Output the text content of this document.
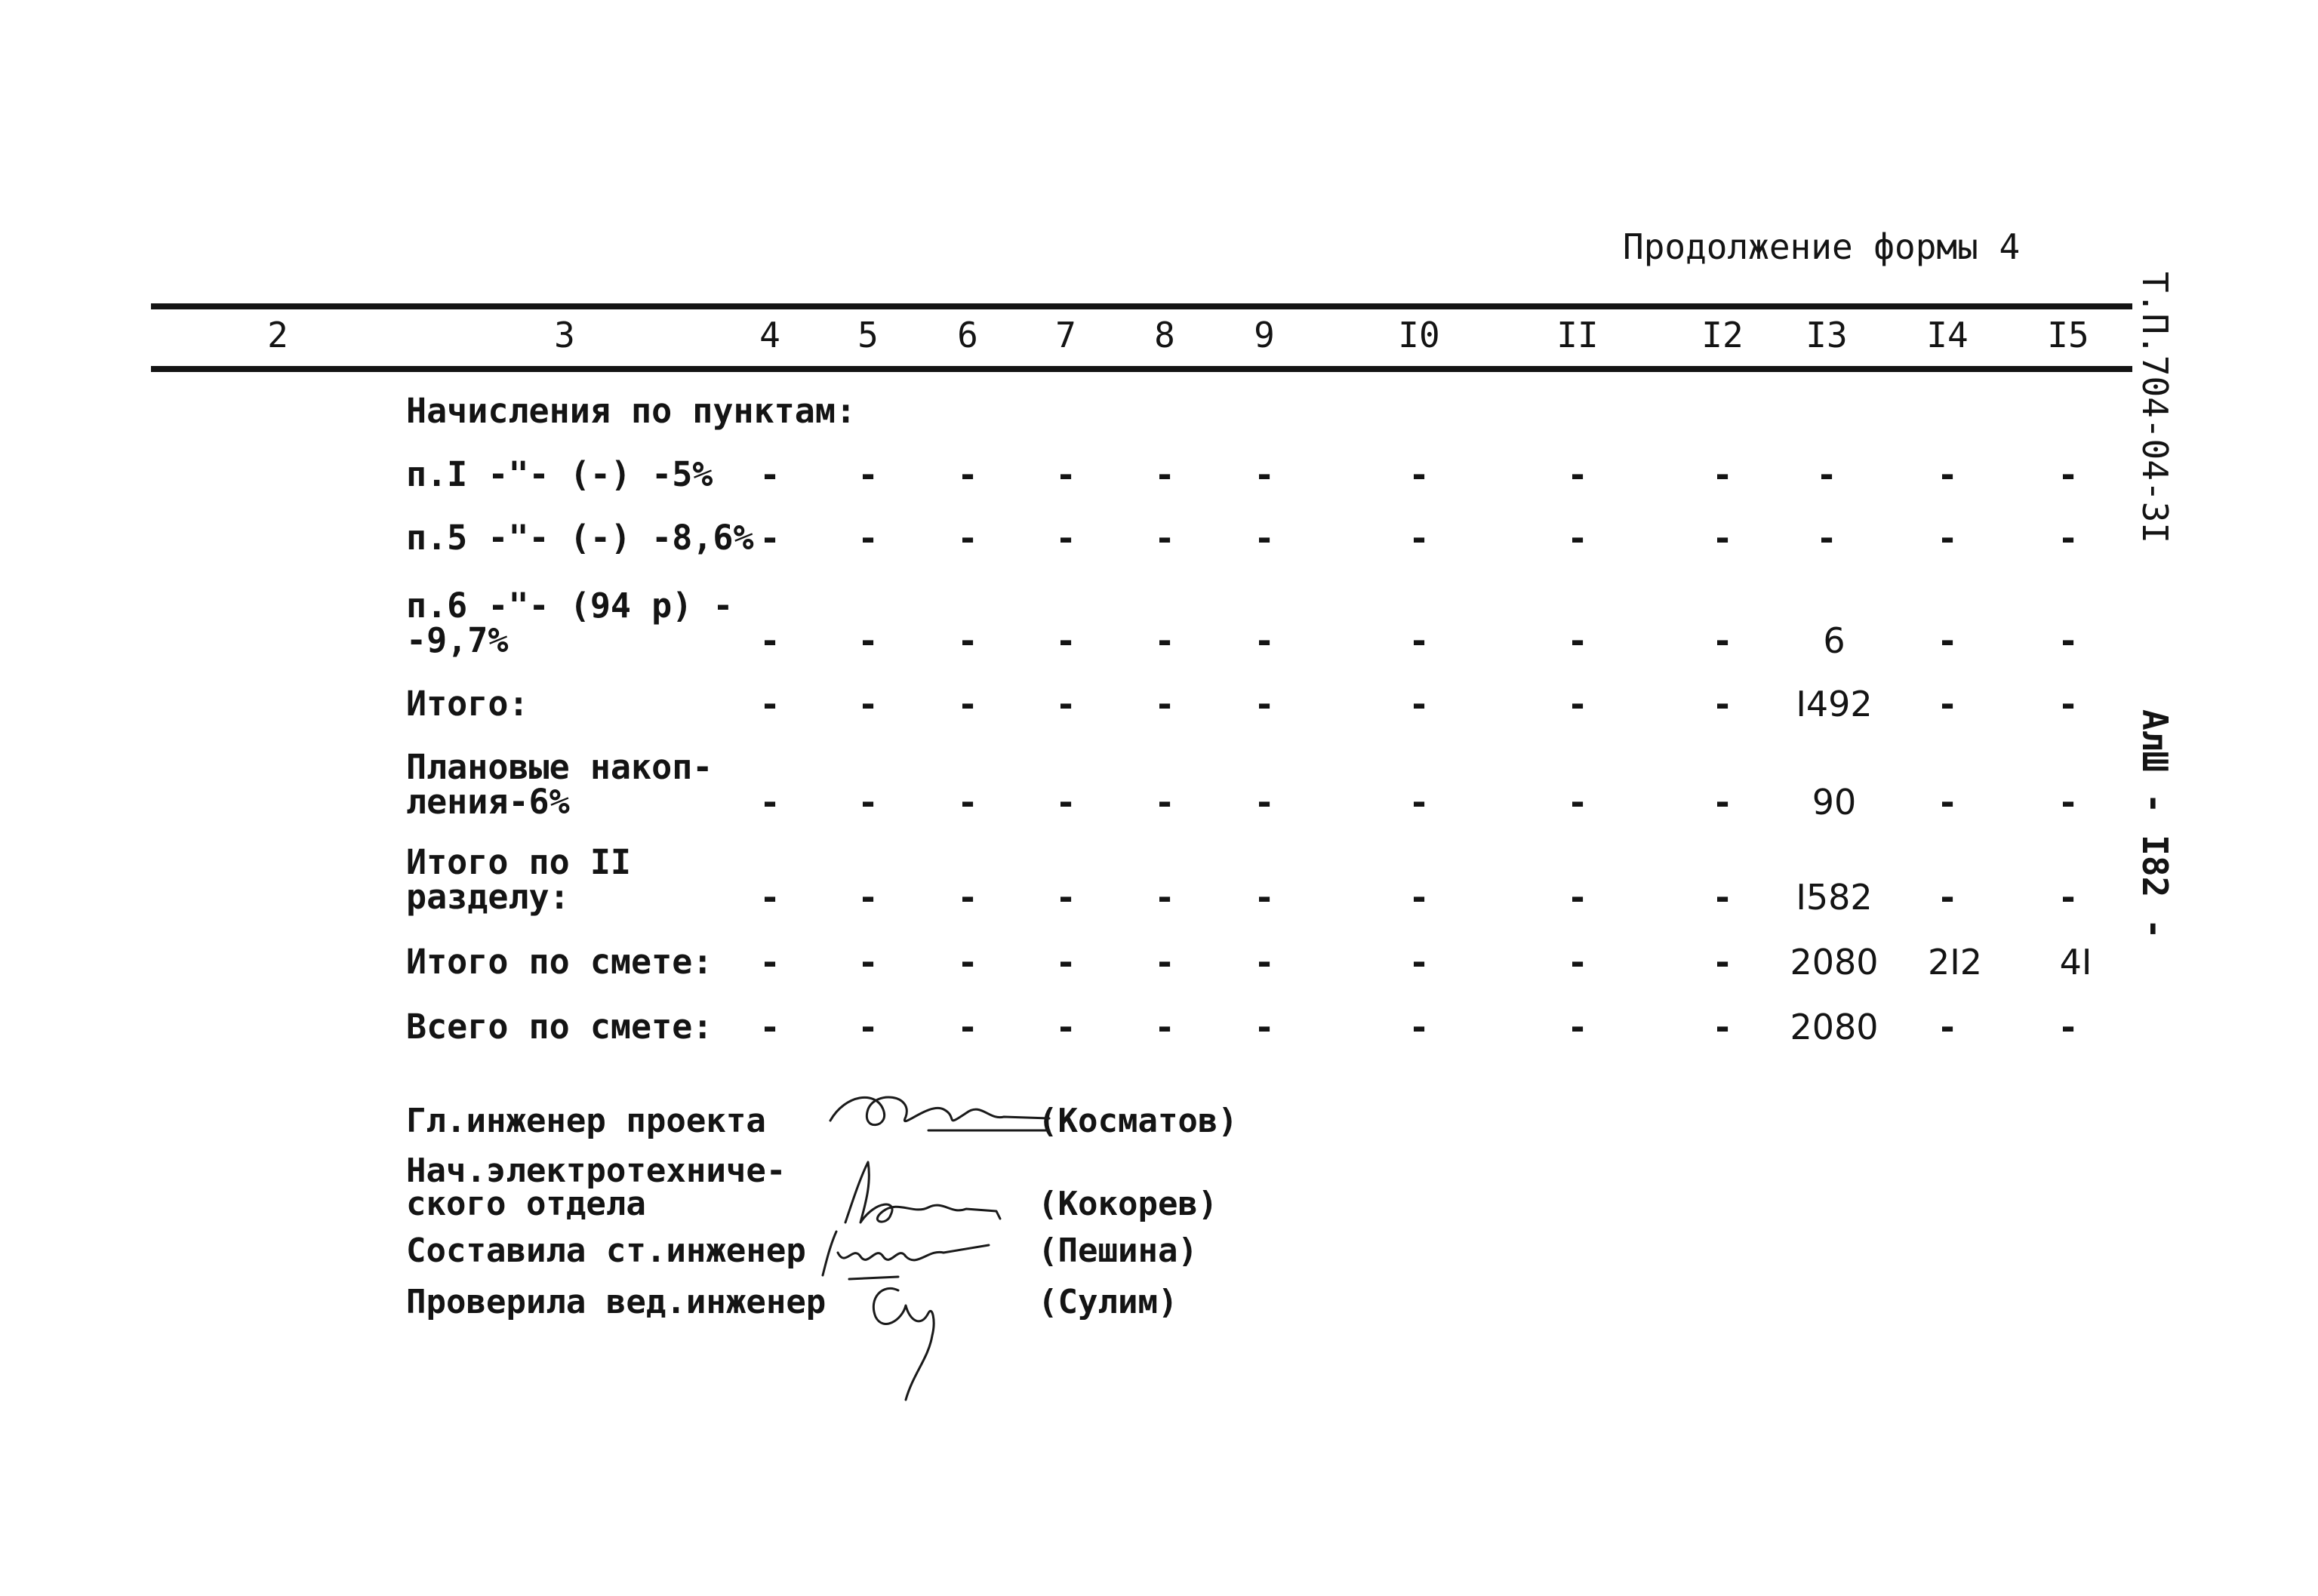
Продолжение формы 4
2	3	4	5	6	7	8	9	I0	II	I2	I3	I4	I5
Начисления по пунктам:
п.I -"- (-) -5%	-	-	-	-	-	-	-	-	-	-	-	-
п.5 -"- (-) -8,6% -	-	-	-	-	-	-	-	-	-	-	-
п.6 -"- (94 р) -
-9,7%	-	-	-	-	-	-	-	-	-	6	-	-
Итого:	-	-	-	-	-	-	-	-	-	I492	-	-
Плановые накоп-
ления-6%	-	-	-	-	-	-	-	-	-	90	-	-
Итого по II
разделу:	-	-	-	-	-	-	-	-	-	I582	-	-
Итого по смете:	-	-	-	-	-	-	-	-	-	2080	2I2	4I
Всего по смете:	-	-	-	-	-	-	-	-	-	2080	-	-
Гл.инженер проекта	(Косматов)
Нач.электротехниче-
ского отдела	(Кокорев)
Составила ст.инженер	(Пешина)
Проверила вед.инженер	(Сулим)
Т.П.704-04-3I
АлШ - I82 -
